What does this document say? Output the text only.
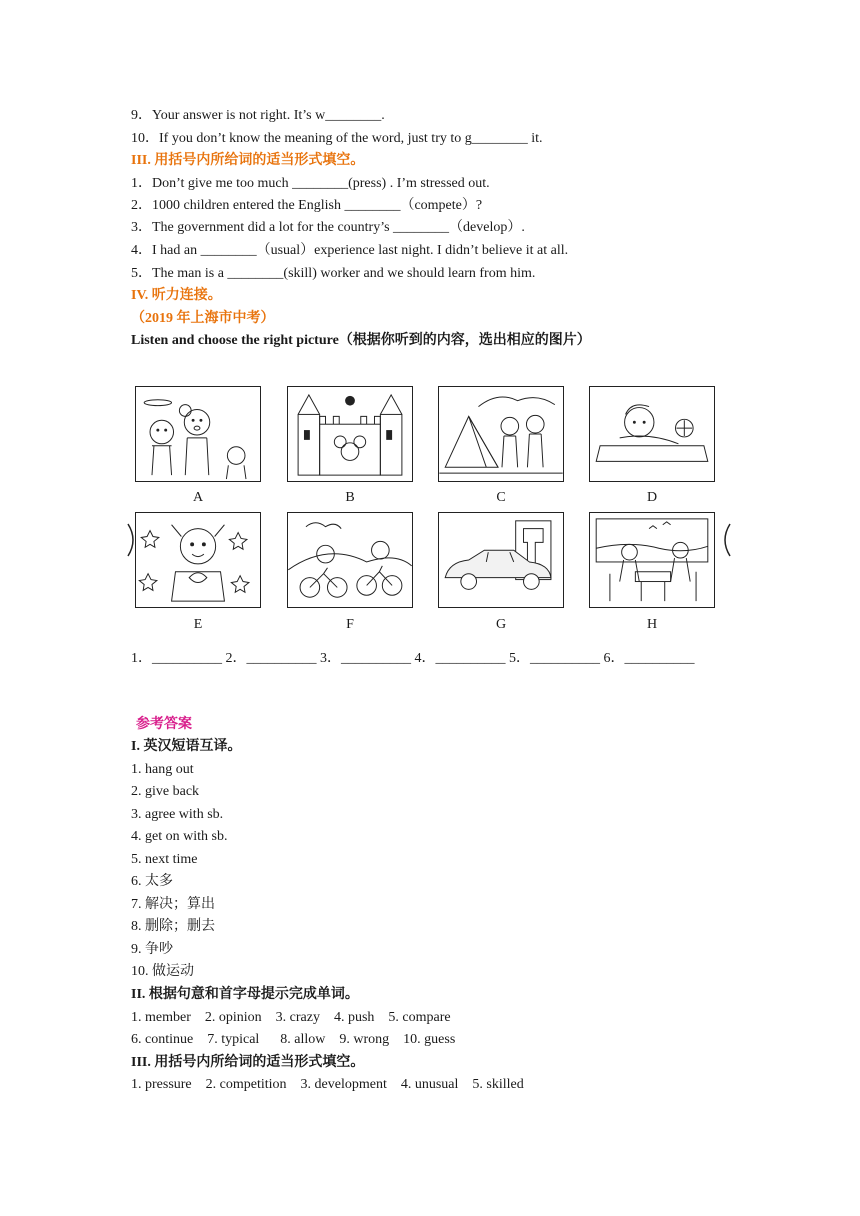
9．Your answer is not right. It’s w________.
10．If you don’t know the meaning of the word, just try to g________ it.
III. 用括号内所给词的适当形式填空。
1．Don’t give me too much ________(press) . I’m stressed out.
2．1000 children entered the English ________（compete）?
3．The government did a lot for the country’s ________（develop）.
4．I had an ________（usual）experience last night. I didn’t believe it at all.
5．The man is a ________(skill) worker and we should learn from him.
IV. 听力连接。
（2019 年上海市中考）
Listen and choose the right picture（根据你听到的内容，选出相应的图片）
A	B	C	D
E	F	G	H
1．__________ 2．__________ 3．__________ 4．__________ 5．__________ 6．__________
参考答案
I. 英汉短语互译。
1. hang out
2. give back
3. agree with sb.
4. get on with sb.
5. next time
6. 太多
7. 解决；算出
8. 删除；删去
9. 争吵
10. 做运动
II. 根据句意和首字母提示完成单词。
1. member    2. opinion    3. crazy    4. push    5. compare
6. continue    7. typical      8. allow    9. wrong    10. guess
III. 用括号内所给词的适当形式填空。
1. pressure    2. competition    3. development    4. unusual    5. skilled
